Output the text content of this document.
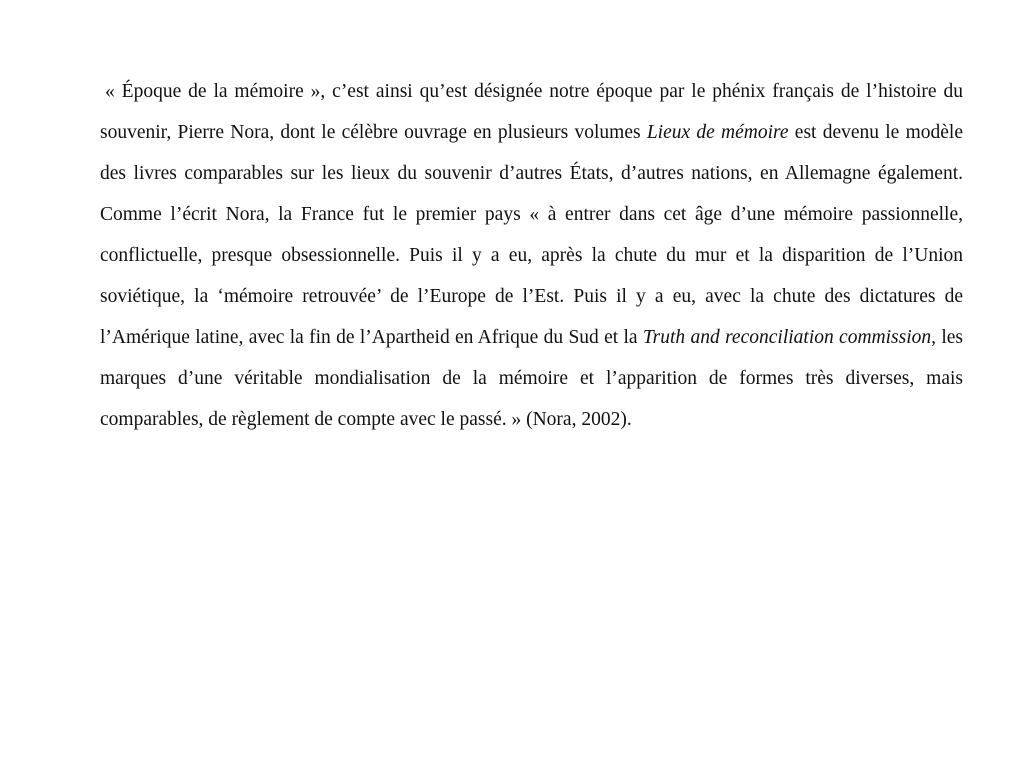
« Époque de la mémoire », c’est ainsi qu’est désignée notre époque par le phénix français de l’histoire du souvenir, Pierre Nora, dont le célèbre ouvrage en plusieurs volumes Lieux de mémoire est devenu le modèle des livres comparables sur les lieux du souvenir d’autres États, d’autres nations, en Allemagne également. Comme l’écrit Nora, la France fut le premier pays « à entrer dans cet âge d’une mémoire passionnelle, conflictuelle, presque obsessionnelle. Puis il y a eu, après la chute du mur et la disparition de l’Union soviétique, la ‘mémoire retrouvée’ de l’Europe de l’Est. Puis il y a eu, avec la chute des dictatures de l’Amérique latine, avec la fin de l’Apartheid en Afrique du Sud et la Truth and reconciliation commission, les marques d’une véritable mondialisation de la mémoire et l’apparition de formes très diverses, mais comparables, de règlement de compte avec le passé. » (Nora, 2002).
